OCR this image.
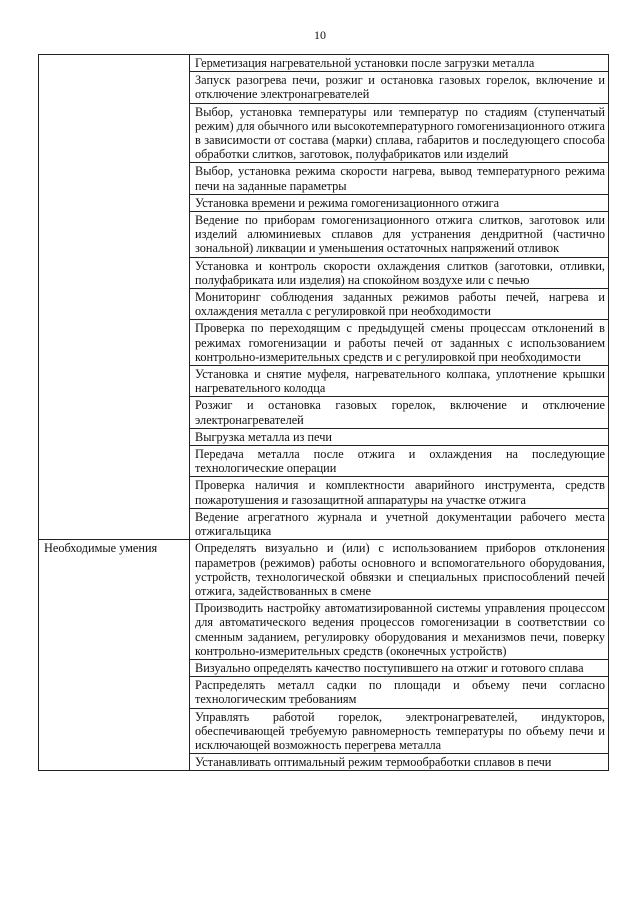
10
	Герметизация нагревательной установки после загрузки металла
	Запуск разогрева печи, розжиг и остановка газовых горелок, включение и отключение электронагревателей
	Выбор, установка температуры или температур по стадиям (ступенчатый режим) для обычного или высокотемпературного гомогенизационного отжига в зависимости от состава (марки) сплава, габаритов и последующего способа обработки слитков, заготовок, полуфабрикатов или изделий
	Выбор, установка режима скорости нагрева, вывод температурного режима печи на заданные параметры
	Установка времени и режима гомогенизационного отжига
	Ведение по приборам гомогенизационного отжига слитков, заготовок или изделий алюминиевых сплавов для устранения дендритной (частично зональной) ликвации и уменьшения остаточных напряжений отливок
	Установка и контроль скорости охлаждения слитков (заготовки, отливки, полуфабриката или изделия) на спокойном воздухе или с печью
	Мониторинг соблюдения заданных режимов работы печей, нагрева и охлаждения металла с регулировкой при необходимости
	Проверка по переходящим с предыдущей смены процессам отклонений в режимах гомогенизации и работы печей от заданных с использованием контрольно-измерительных средств и с регулировкой при необходимости
	Установка и снятие муфеля, нагревательного колпака, уплотнение крышки нагревательного колодца
	Розжиг и остановка газовых горелок, включение и отключение электронагревателей
	Выгрузка металла из печи
	Передача металла после отжига и охлаждения на последующие технологические операции
	Проверка наличия и комплектности аварийного инструмента, средств пожаротушения и газозащитной аппаратуры на участке отжига
	Ведение агрегатного журнала и учетной документации рабочего места отжигальщика
Необходимые умения	Определять визуально и (или) с использованием приборов отклонения параметров (режимов) работы основного и вспомогательного оборудования, устройств, технологической обвязки и специальных приспособлений печей отжига, задействованных в смене
	Производить настройку автоматизированной системы управления процессом для автоматического ведения процессов гомогенизации в соответствии со сменным заданием, регулировку оборудования и механизмов печи, поверку контрольно-измерительных средств (оконечных устройств)
	Визуально определять качество поступившего на отжиг и готового сплава
	Распределять металл садки по площади и объему печи согласно технологическим требованиям
	Управлять работой горелок, электронагревателей, индукторов, обеспечивающей требуемую равномерность температуры по объему печи и исключающей возможность перегрева металла
	Устанавливать оптимальный режим термообработки сплавов в печи
